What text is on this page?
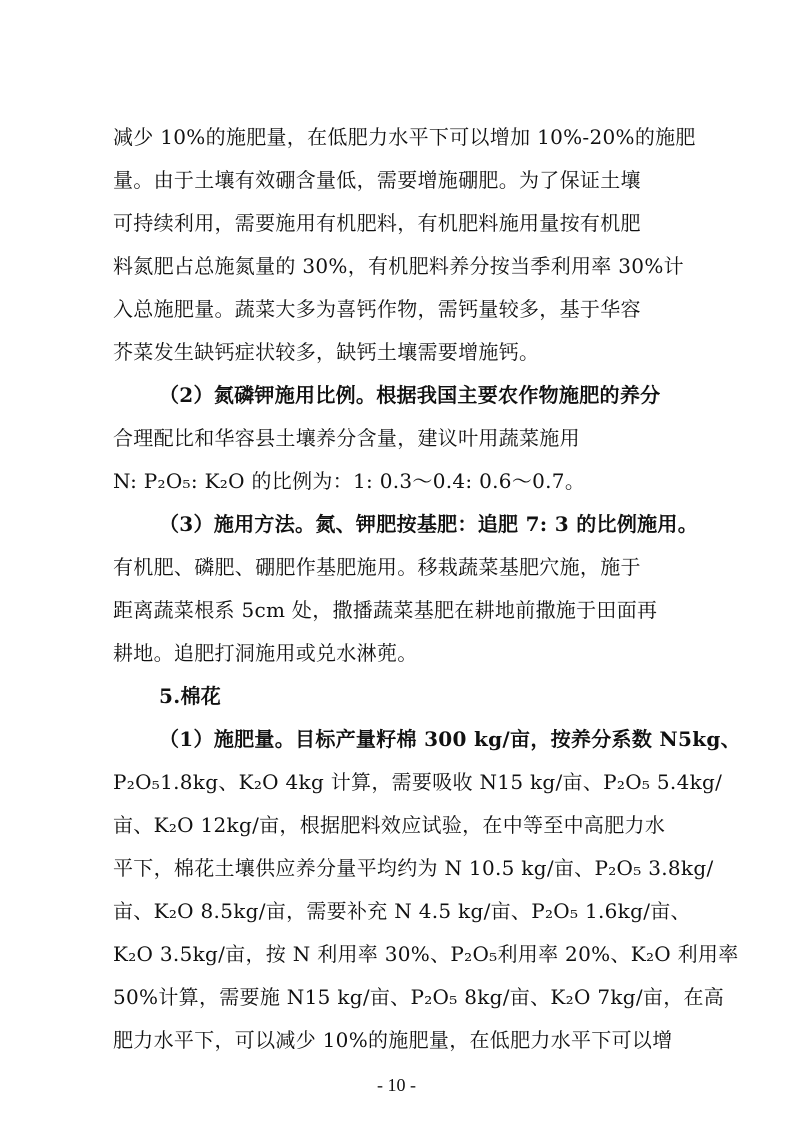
减少 10%的施肥量，在低肥力水平下可以增加 10%-20%的施肥
量。由于土壤有效硼含量低，需要增施硼肥。为了保证土壤
可持续利用，需要施用有机肥料，有机肥料施用量按有机肥
料氮肥占总施氮量的 30%，有机肥料养分按当季利用率 30%计
入总施肥量。蔬菜大多为喜钙作物，需钙量较多，基于华容
芥菜发生缺钙症状较多，缺钙土壤需要增施钙。
（2）氮磷钾施用比例。根据我国主要农作物施肥的养分
合理配比和华容县土壤养分含量，建议叶用蔬菜施用
N: P₂O₅: K₂O 的比例为：1: 0.3～0.4: 0.6～0.7。
（3）施用方法。氮、钾肥按基肥：追肥 7: 3 的比例施用。
有机肥、磷肥、硼肥作基肥施用。移栽蔬菜基肥穴施，施于
距离蔬菜根系 5cm 处，撒播蔬菜基肥在耕地前撒施于田面再
耕地。追肥打洞施用或兑水淋蔸。
5.棉花
（1）施肥量。目标产量籽棉 300 kg/亩，按养分系数 N5kg、
P₂O₅1.8kg、K₂O 4kg 计算，需要吸收 N15 kg/亩、P₂O₅ 5.4kg/
亩、K₂O 12kg/亩，根据肥料效应试验，在中等至中高肥力水
平下，棉花土壤供应养分量平均约为 N 10.5 kg/亩、P₂O₅ 3.8kg/
亩、K₂O 8.5kg/亩，需要补充 N 4.5 kg/亩、P₂O₅ 1.6kg/亩、
K₂O 3.5kg/亩，按 N 利用率 30%、P₂O₅利用率 20%、K₂O 利用率
50%计算，需要施 N15 kg/亩、P₂O₅ 8kg/亩、K₂O 7kg/亩，在高
肥力水平下，可以减少 10%的施肥量，在低肥力水平下可以增
- 10 -
